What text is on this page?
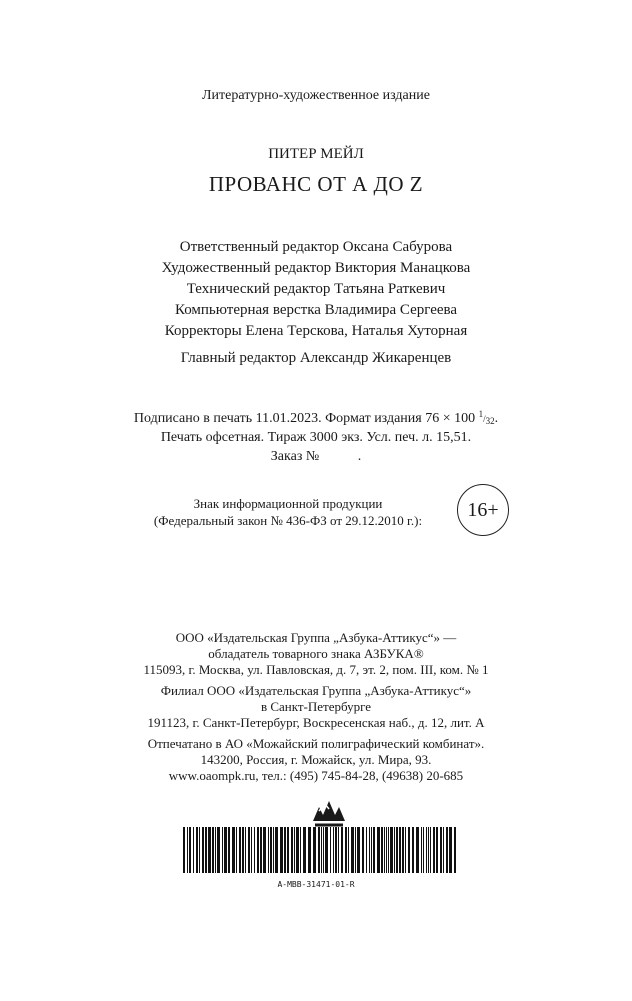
Литературно-художественное издание
ПИТЕР МЕЙЛ
ПРОВАНС ОТ А ДО Z
Ответственный редактор Оксана Сабурова
Художественный редактор Виктория Манацкова
Технический редактор Татьяна Раткевич
Компьютерная верстка Владимира Сергеева
Корректоры Елена Терскова, Наталья Хуторная
Главный редактор Александр Жикаренцев
Подписано в печать 11.01.2023. Формат издания 76 × 100 $^1$/32.
Печать офсетная. Тираж 3000 экз. Усл. печ. л. 15,51.
Заказ №           .
Знак информационной продукции
(Федеральный закон № 436-ФЗ от 29.12.2010 г.):	16+
ООО «Издательская Группа „Азбука-Аттикус“» —
обладатель товарного знака АЗБУКА®
115093, г. Москва, ул. Павловская, д. 7, эт. 2, пом. III, ком. № 1
Филиал ООО «Издательская Группа „Азбука-Аттикус“»
в Санкт-Петербурге
191123, г. Санкт-Петербург, Воскресенская наб., д. 12, лит. А
Отпечатано в АО «Можайский полиграфический комбинат».
143200, Россия, г. Можайск, ул. Мира, 93.
www.oaompk.ru, тел.: (495) 745-84-28, (49638) 20-685
А-МВВ-31471-01-R
